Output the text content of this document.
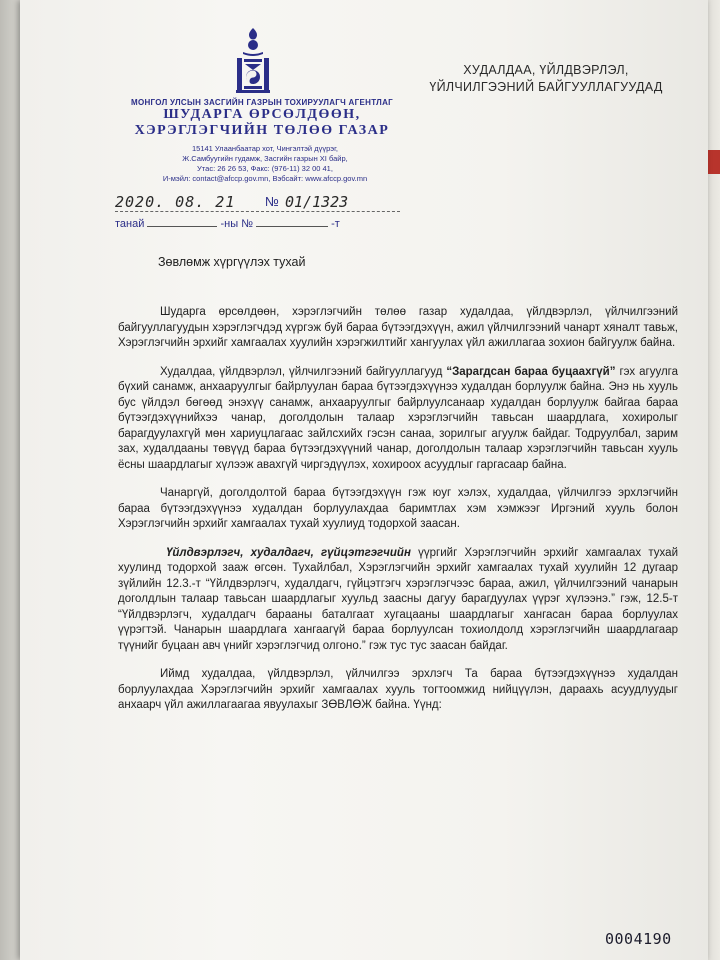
МОНГОЛ УЛСЫН ЗАСГИЙН ГАЗРЫН ТОХИРУУЛАГЧ АГЕНТЛАГ
ШУДАРГА ӨРСӨЛДӨӨН,
ХЭРЭГЛЭГЧИЙН ТӨЛӨӨ ГАЗАР
15141 Улаанбаатар хот, Чингэлтэй дүүрэг,
Ж.Самбуугийн гудамж, Засгийн газрын XI байр,
Утас: 26 26 53, Факс: (976-11) 32 00 41,
И-мэйл: contact@afccp.gov.mn, Вэбсайт: www.afccp.gov.mn
2020. 08. 21 № 01/1323
танай	-ны №	-т
ХУДАЛДАА, ҮЙЛДВЭРЛЭЛ,
ҮЙЛЧИЛГЭЭНИЙ БАЙГУУЛЛАГУУДАД
Зөвлөмж хүргүүлэх тухай

Шударга өрсөлдөөн, хэрэглэгчийн төлөө газар худалдаа, үйлдвэрлэл, үйлчилгээний байгууллагуудын хэрэглэгчдэд хүргэж буй бараа бүтээгдэхүүн, ажил үйлчилгээний чанарт хяналт тавьж, Хэрэглэгчийн эрхийг хамгаалах хуулийн хэрэгжилтийг хангуулах үйл ажиллагаа зохион байгуулж байна.

Худалдаа, үйлдвэрлэл, үйлчилгээний байгууллагууд “Зарагдсан бараа буцаахгүй” гэх агуулга бүхий санамж, анхааруулгыг байрлуулан бараа бүтээгдэхүүнээ худалдан борлуулж байна. Энэ нь хууль бус үйлдэл бөгөөд энэхүү санамж, анхааруулгыг байрлуулсанаар худалдан борлуулж байгаа бараа бүтээгдэхүүнийхээ чанар, доголдолын талаар хэрэглэгчийн тавьсан шаардлага, хохиролыг барагдуулахгүй мөн хариуцлагаас зайлсхийх гэсэн санаа, зорилгыг агуулж байдаг. Тодруулбал, зарим зах, худалдааны төвүүд бараа бүтээгдэхүүний чанар, доголдолын талаар хэрэглэгчийн тавьсан хууль ёсны шаардлагыг хүлээж авахгүй чиргэдүүлэх, хохироох асуудлыг гаргасаар байна.

Чанаргүй, доголдолтой бараа бүтээгдэхүүн гэж юуг хэлэх, худалдаа, үйлчилгээ эрхлэгчийн бараа бүтээгдэхүүнээ худалдан борлуулахдаа баримтлах хэм хэмжээг Иргэний хууль болон Хэрэглэгчийн эрхийг хамгаалах тухай хуулиуд тодорхой заасан.

Үйлдвэрлэгч, худалдагч, гүйцэтгэгчийн үүргийг Хэрэглэгчийн эрхийг хамгаалах тухай хуулинд тодорхой зааж өгсөн. Тухайлбал, Хэрэглэгчийн эрхийг хамгаалах тухай хуулийн 12 дугаар зүйлийн 12.3.-т “Үйлдвэрлэгч, худалдагч, гүйцэтгэгч хэрэглэгчээс бараа, ажил, үйлчилгээний чанарын доголдлын талаар тавьсан шаардлагыг хуульд заасны дагуу барагдуулах үүрэг хүлээнэ.” гэж, 12.5-т “Үйлдвэрлэгч, худалдагч барааны баталгаат хугацааны шаардлагыг хангасан бараа борлуулах үүрэгтэй. Чанарын шаардлага хангаагүй бараа борлуулсан тохиолдолд хэрэглэгчийн шаардлагаар түүнийг буцаан авч үнийг хэрэглэгчид олгоно.” гэж тус тус заасан байдаг.

Иймд худалдаа, үйлдвэрлэл, үйлчилгээ эрхлэгч Та бараа бүтээгдэхүүнээ худалдан борлуулахдаа Хэрэглэгчийн эрхийг хамгаалах хууль тогтоомжид нийцүүлэн, дараахь асуудлуудыг анхаарч үйл ажиллагаагаа явуулахыг ЗӨВЛӨЖ байна. Үүнд:

0004190
